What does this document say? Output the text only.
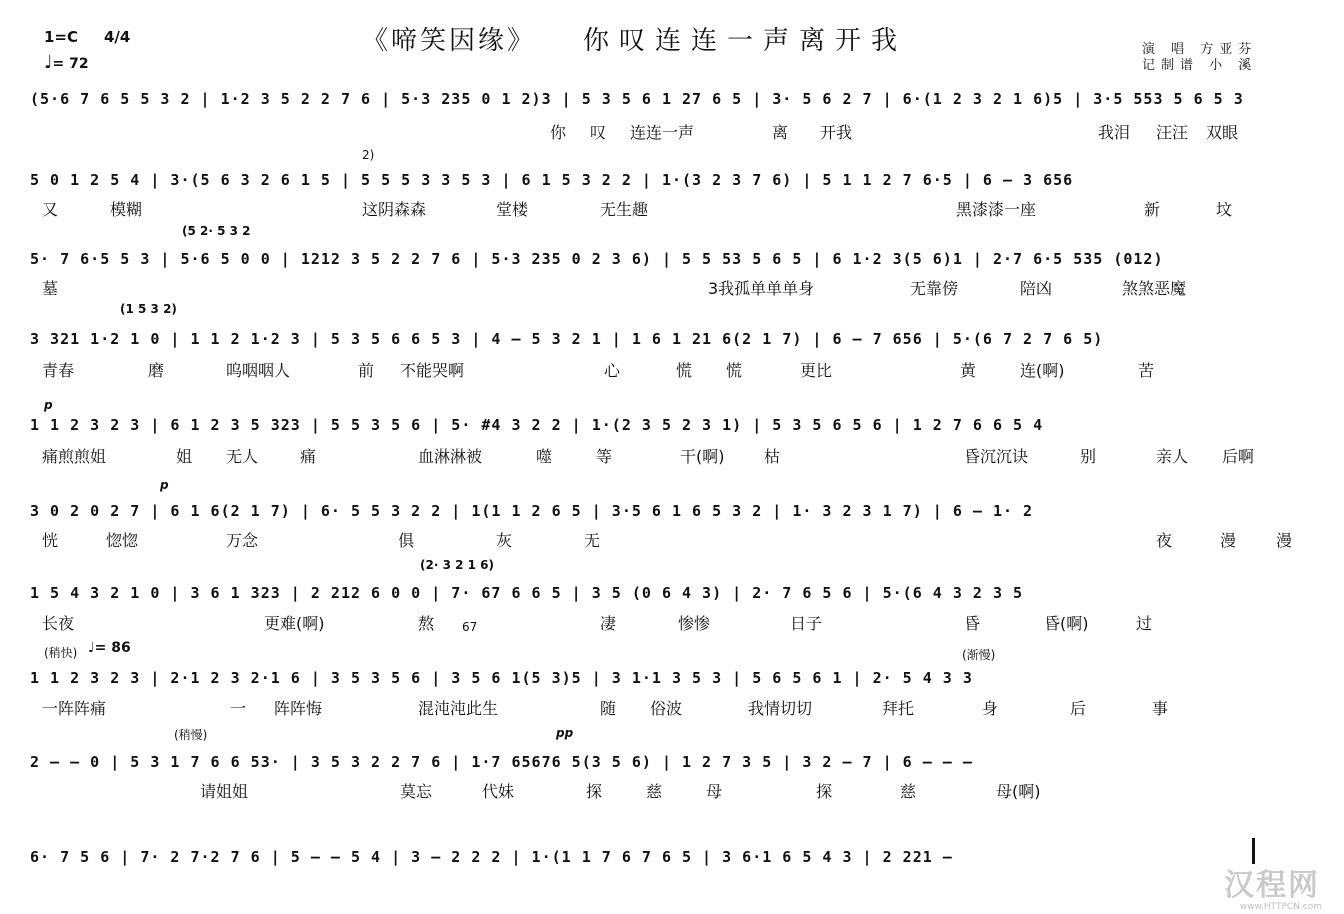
1=C 4/4
♩= 72
《啼笑因缘》 你叹连连一声离开我	演 唱 方亚芬
记制谱 小 溪
(5·6 7 6 5 5 3 2 | 1·2 3 5 2 2 7 6 | 5·3 235 0 1 2)3 | 5 3 5 6 1 27 6 5 | 3· 5 6 2 7 | 6·(1 2 3 2 1 6)5 | 3·5 553 5 6 5 3
你 叹 连连一声	离 开我	我泪 汪汪 双眼
2)
5 0 1 2 5 4 | 3·(5 6 3 2 6 1 5 | 5 5 5 3 3 5 3 | 6 1 5 3 2 2 | 1·(3 2 3 7 6) | 5 1 1 2 7 6·5 | 6 – 3 656
又	模糊	这阴森森	堂楼	无生趣	黑漆漆一座	新	坟
(5 2· 5 3 2
5· 7 6·5 5 3 | 5·6 5 0 0 | 1212 3 5 2 2 7 6 | 5·3 235 0 2 3 6) | 5 5 53 5 6 5 | 6 1·2 3(5 6)1 | 2·7 6·5 535 (012)
墓	3我孤单单单身	无靠傍	陪凶	煞煞恶魔
(1 5 3 2)
3 321 1·2 1 0 | 1 1 2 1·2 3 | 5 3 5 6 6 5 3 | 4 – 5 3 2 1 | 1 6 1 21 6(2 1 7) | 6 – 7 656 | 5·(6 7 2 7 6 5)
青春	磨	呜咽咽人	前 不能哭啊	心	慌 慌	更比	黄	连(啊)	苦
p
1 1 2 3 2 3 | 6 1 2 3 5 323 | 5 5 3 5 6 | 5· #4 3 2 2 | 1·(2 3 5 2 3 1) | 5 3 5 6 5 6 | 1 2 7 6 6 5 4
痛煎煎姐	姐 无人	痛	血淋淋被	噬	等	干(啊) 枯	昏沉沉诀	别	亲人 后啊
p
3 0 2 0 2 7 | 6 1 6(2 1 7) | 6· 5 5 3 2 2 | 1(1 1 2 6 5 | 3·5 6 1 6 5 3 2 | 1· 3 2 3 1 7) | 6 – 1· 2
恍	惚惚	万念	俱	灰	无	夜	漫 漫
(2· 3 2 1 6)
1 5 4 3 2 1 0 | 3 6 1 323 | 2 212 6 0 0 | 7· 67 6 6 5 | 3 5 (0 6 4 3) | 2· 7 6 5 6 | 5·(6 4 3 2 3 5
长夜	更难(啊)	熬	凄	惨惨	日子	昏	昏(啊)	过
67
(稍快) ♩= 86	(渐慢)
1 1 2 3 2 3 | 2·1 2 3 2·1 6 | 3 5 3 5 6 | 3 5 6 1(5 3)5 | 3 1·1 3 5 3 | 5 6 5 6 1 | 2· 5 4 3 3
一阵阵痛	一 阵阵悔	混沌沌此生	随 俗波	我情切切	拜托	身	后	事
(稍慢)	pp
2 – – 0 | 5 3 1 7 6 6 53· | 3 5 3 2 2 7 6 | 1·7 65676 5(3 5 6) | 1 2 7 3 5 | 3 2 – 7 | 6 – – –
请姐姐	莫忘	代妹	探	慈	母	探	慈	母(啊)
6· 7 5 6 | 7· 2 7·2 7 6 | 5 – – 5 4 | 3 – 2 2 2 | 1·(1 1 7 6 7 6 5 | 3 6·1 6 5 4 3 | 2 221 –
汉程网
www.HTTPCN.com
